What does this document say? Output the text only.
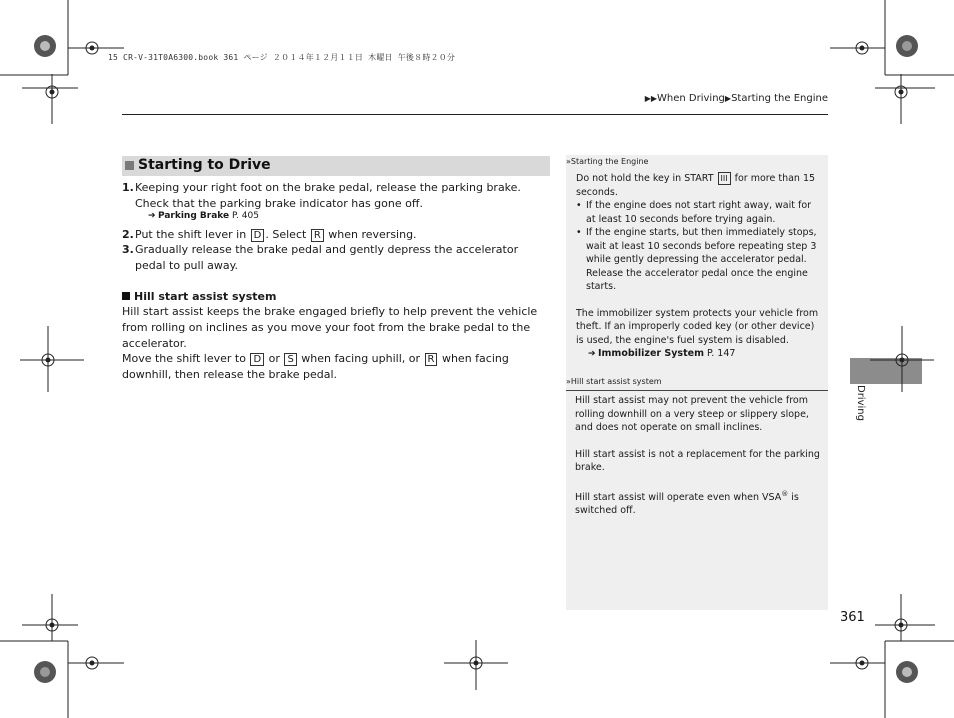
15 CR-V-31T0A6300.book 361 ページ ２０１４年１２月１１日 木曜日 午後８時２０分
▶▶When Driving▶Starting the Engine
Starting to Drive
1. Keeping your right foot on the brake pedal, release the parking brake. Check that the parking brake indicator has gone off.
➔ Parking Brake P. 405
2. Put the shift lever in D . Select R when reversing.
3. Gradually release the brake pedal and gently depress the accelerator pedal to pull away.
Hill start assist system
Hill start assist keeps the brake engaged briefly to help prevent the vehicle from rolling on inclines as you move your foot from the brake pedal to the accelerator.
Move the shift lever to D or S when facing uphill, or R when facing downhill, then release the brake pedal.
»Starting the Engine
Do not hold the key in START III for more than 15 seconds.
• If the engine does not start right away, wait for at least 10 seconds before trying again.
• If the engine starts, but then immediately stops, wait at least 10 seconds before repeating step 3 while gently depressing the accelerator pedal. Release the accelerator pedal once the engine starts.
The immobilizer system protects your vehicle from theft. If an improperly coded key (or other device) is used, the engine's fuel system is disabled.
➔ Immobilizer System P. 147
»Hill start assist system
Hill start assist may not prevent the vehicle from rolling downhill on a very steep or slippery slope, and does not operate on small inclines.
Hill start assist is not a replacement for the parking brake.
Hill start assist will operate even when VSA® is switched off.
Driving
361
